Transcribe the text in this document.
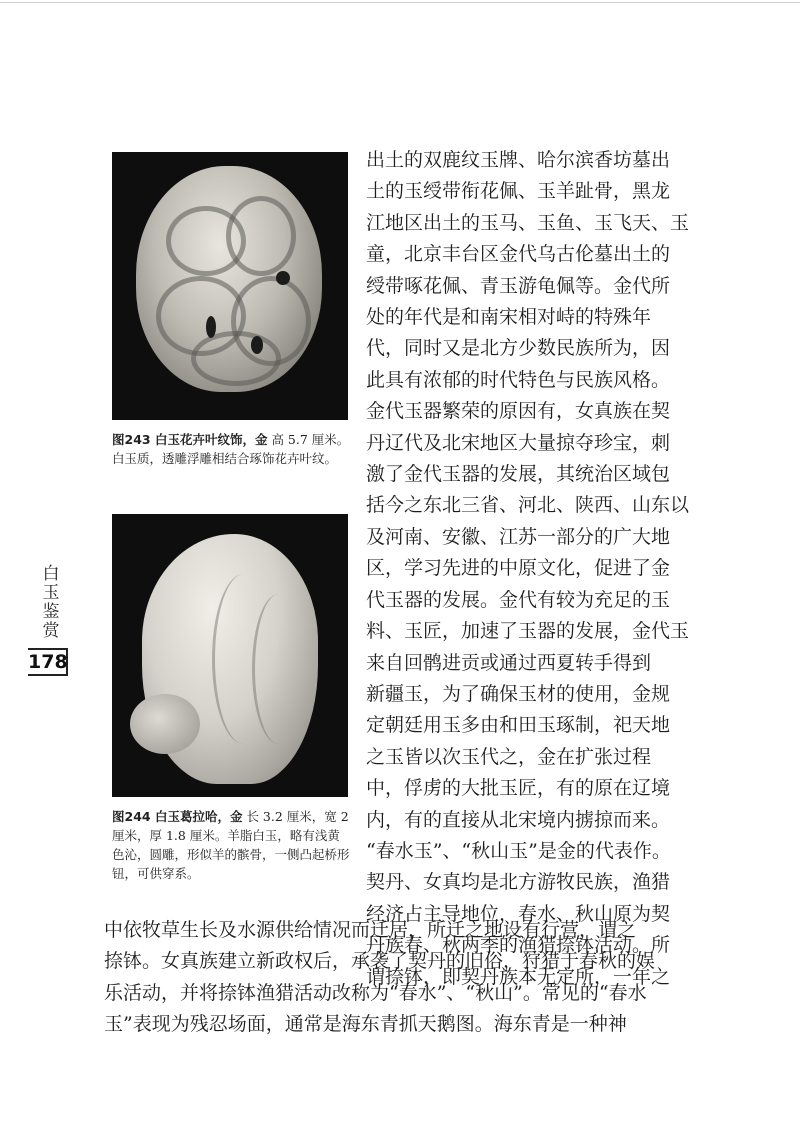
图243 白玉花卉叶纹饰，金 高 5.7 厘米。白玉质，透雕浮雕相结合琢饰花卉叶纹。
图244 白玉葛拉哈，金 长 3.2 厘米，宽 2 厘米，厚 1.8 厘米。羊脂白玉，略有浅黄色沁，圆雕，形似羊的髌骨，一侧凸起桥形钮，可供穿系。
出土的双鹿纹玉牌、哈尔滨香坊墓出
土的玉绶带衔花佩、玉羊趾骨，黑龙
江地区出土的玉马、玉鱼、玉飞天、玉
童，北京丰台区金代乌古伦墓出土的
绶带啄花佩、青玉游龟佩等。金代所
处的年代是和南宋相对峙的特殊年
代，同时又是北方少数民族所为，因
此具有浓郁的时代特色与民族风格。
金代玉器繁荣的原因有，女真族在契
丹辽代及北宋地区大量掠夺珍宝，刺
激了金代玉器的发展，其统治区域包
括今之东北三省、河北、陕西、山东以
及河南、安徽、江苏一部分的广大地
区，学习先进的中原文化，促进了金
代玉器的发展。金代有较为充足的玉
料、玉匠，加速了玉器的发展，金代玉
来自回鹘进贡或通过西夏转手得到
新疆玉，为了确保玉材的使用，金规
定朝廷用玉多由和田玉琢制，祀天地
之玉皆以次玉代之，金在扩张过程
中，俘虏的大批玉匠，有的原在辽境
内，有的直接从北宋境内掳掠而来。
“春水玉”、“秋山玉”是金的代表作。
契丹、女真均是北方游牧民族，渔猎
经济占主导地位，春水、秋山原为契
丹族春、秋两季的渔猎捺钵活动。所
谓捺钵，即契丹族本无定所，一年之
中依牧草生长及水源供给情况而迁居，所迁之地设有行营，谓之
捺钵。女真族建立新政权后，承袭了契丹的旧俗，狩猎于春秋的娱
乐活动，并将捺钵渔猎活动改称为“春水”、“秋山”。常见的“春水
玉”表现为残忍场面，通常是海东青抓天鹅图。海东青是一种神
白玉鉴赏
178
